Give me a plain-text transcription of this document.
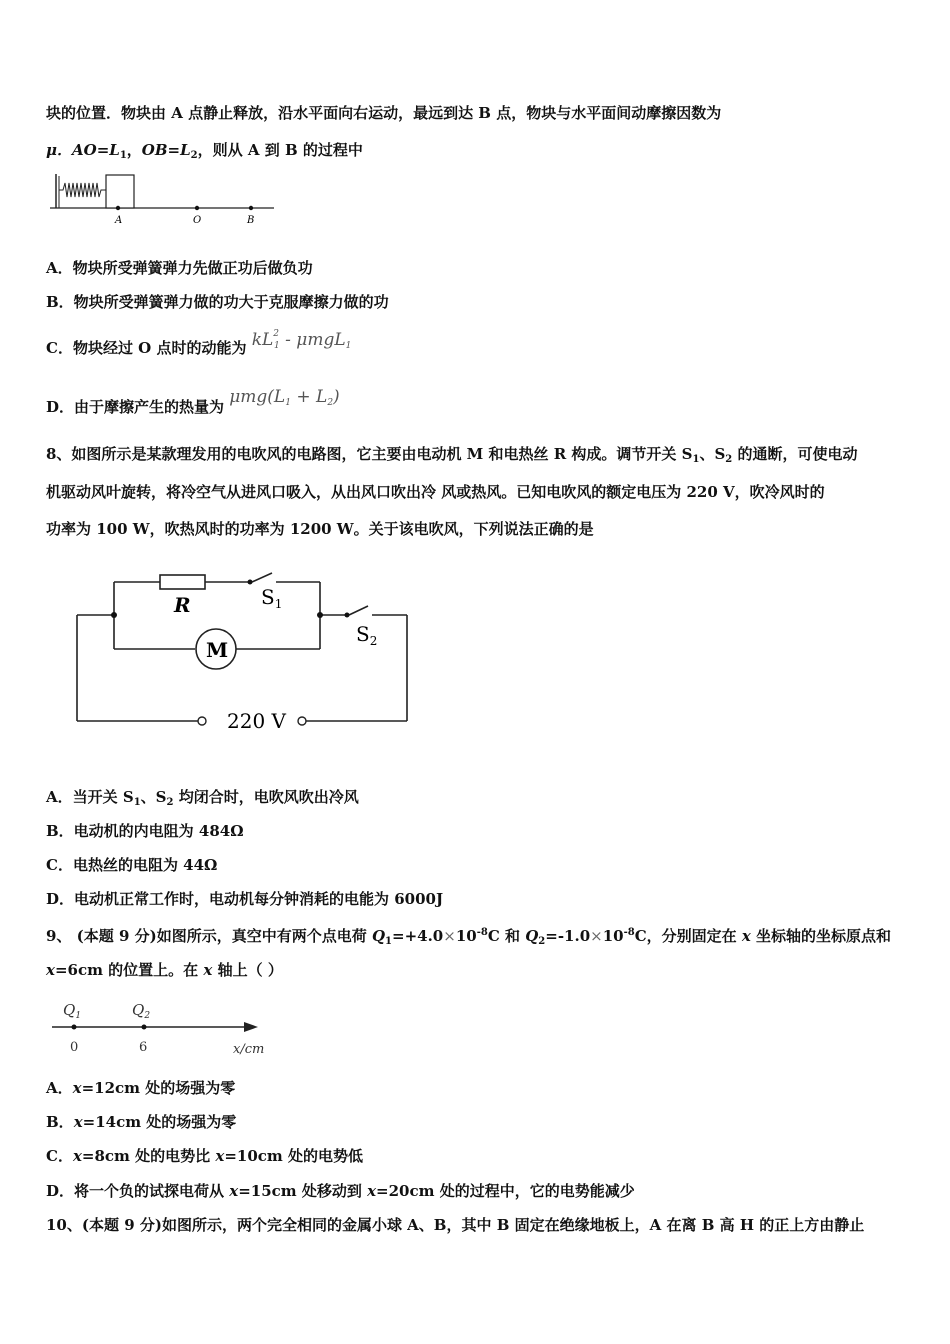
块的位置．物块由 A 点静止释放，沿水平面向右运动，最远到达 B 点，物块与水平面间动摩擦因数为
μ．$AO=L_1$，$OB=L_2$，则从 A 到 B 的过程中
A	O	B
A．物块所受弹簧弹力先做正功后做负功
B．物块所受弹簧弹力做的功大于克服摩擦力做的功
C．物块经过 O 点时的动能为 $kL^2_1 - \mu mgL_1$
D．由于摩擦产生的热量为 $\mu mg(L_1 + L_2)$
8、如图所示是某款理发用的电吹风的电路图，它主要由电动机 M 和电热丝 R 构成。调节开关 $S_1$、$S_2$ 的通断，可使电动
机驱动风叶旋转，将冷空气从进风口吸入，从出风口吹出冷 风或热风。已知电吹风的额定电压为 220 V，吹冷风时的
功率为 100 W，吹热风时的功率为 1200 W。关于该电吹风，下列说法正确的是
R	$S_1$
$S_2$
M
220 V
A．当开关 $S_1$、$S_2$ 均闭合时，电吹风吹出冷风
B．电动机的内电阻为 484Ω
C．电热丝的电阻为 44Ω
D．电动机正常工作时，电动机每分钟消耗的电能为 6000J
9、 (本题 9 分)如图所示，真空中有两个点电荷 $Q_1=+4.0\times 10^{-8}C$ 和 $Q_2=-1.0\times 10^{-8}C$，分别固定在 x 坐标轴的坐标原点和
x=6cm 的位置上。在 x 轴上（ ）
$Q_1$	$Q_2$
0	6	x/cm
A．x=12cm 处的场强为零
B．x=14cm 处的场强为零
C．x=8cm 处的电势比 x=10cm 处的电势低
D．将一个负的试探电荷从 x=15cm 处移动到 x=20cm 处的过程中，它的电势能减少
10、(本题 9 分)如图所示，两个完全相同的金属小球 A、B，其中 B 固定在绝缘地板上，A 在离 B 高 H 的正上方由静止
